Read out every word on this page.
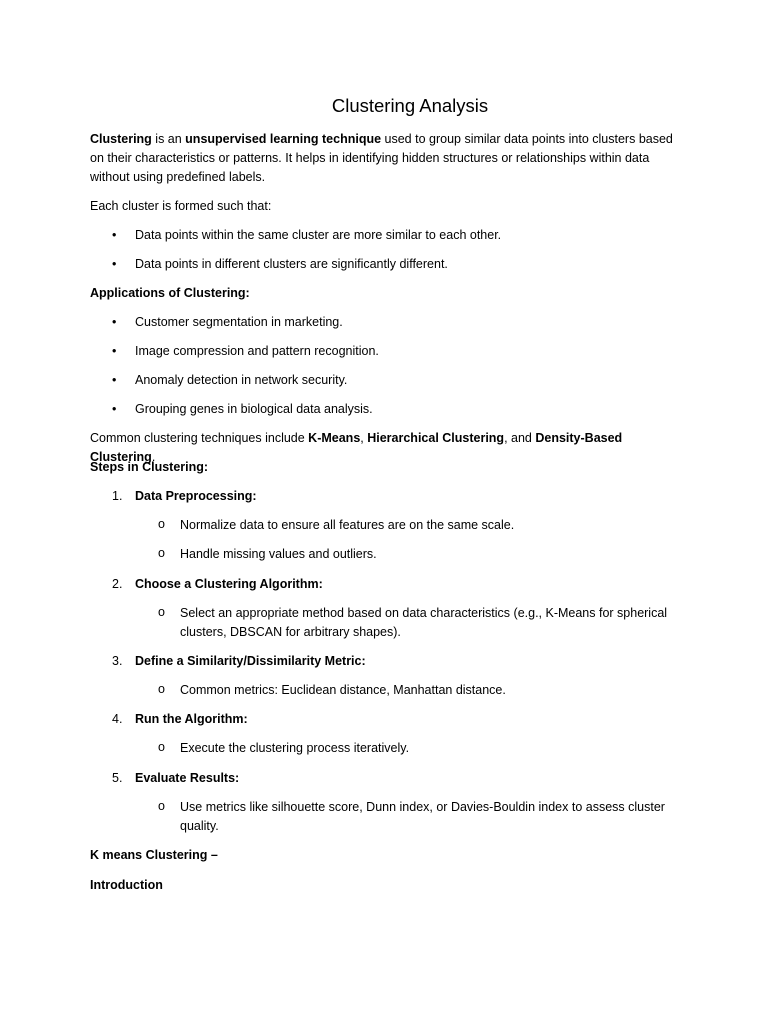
Clustering Analysis

Clustering is an unsupervised learning technique used to group similar data points into clusters based on their characteristics or patterns. It helps in identifying hidden structures or relationships within data without using predefined labels.

Each cluster is formed such that:

• Data points within the same cluster are more similar to each other.
• Data points in different clusters are significantly different.

Applications of Clustering:

• Customer segmentation in marketing.
• Image compression and pattern recognition.
• Anomaly detection in network security.
• Grouping genes in biological data analysis.

Common clustering techniques include K-Means, Hierarchical Clustering, and Density-Based Clustering.

Steps in Clustering:

1.	Data Preprocessing:
o Normalize data to ensure all features are on the same scale.
o Handle missing values and outliers.
2.	Choose a Clustering Algorithm:
o Select an appropriate method based on data characteristics (e.g., K-Means for spherical clusters, DBSCAN for arbitrary shapes).
3.	Define a Similarity/Dissimilarity Metric:
o Common metrics: Euclidean distance, Manhattan distance.
4.	Run the Algorithm:
o Execute the clustering process iteratively.
5.	Evaluate Results:
o Use metrics like silhouette score, Dunn index, or Davies-Bouldin index to assess cluster quality.

K means Clustering –

Introduction
